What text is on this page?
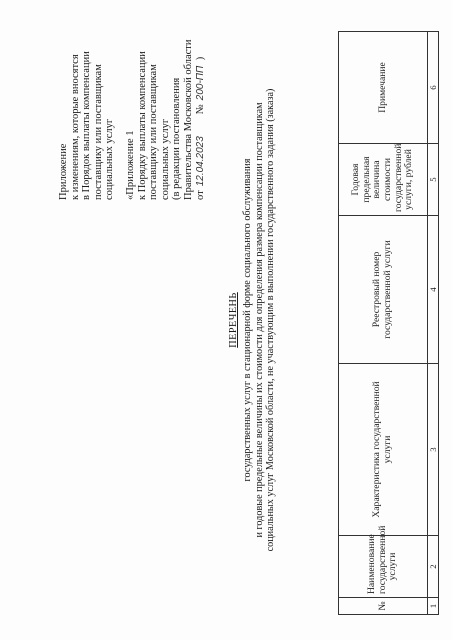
Приложение к изменениям, которые вносятся в Порядок выплаты компенсации поставщику или поставщикам социальных услуг «Приложение 1 к Порядку выплаты компенсации поставщику или поставщикам социальных услуг (в редакции постановления Правительства Московской области от
12.04.2023
№
200-ПП
)
ПЕРЕЧЕНЬ государственных услуг в стационарной форме социального обслуживания и годовые предельные величины их стоимости для определения размера компенсации поставщикам социальных услуг Московской области, не участвующим в выполнении государственного задания (заказа)
№	Наименование государственной услуги	Характеристика государственной услуги	Реестровый номер государственной услуги	Годовая предельная величина стоимости государственной услуги, рублей	Примечание
1	2	3	4	5	6
